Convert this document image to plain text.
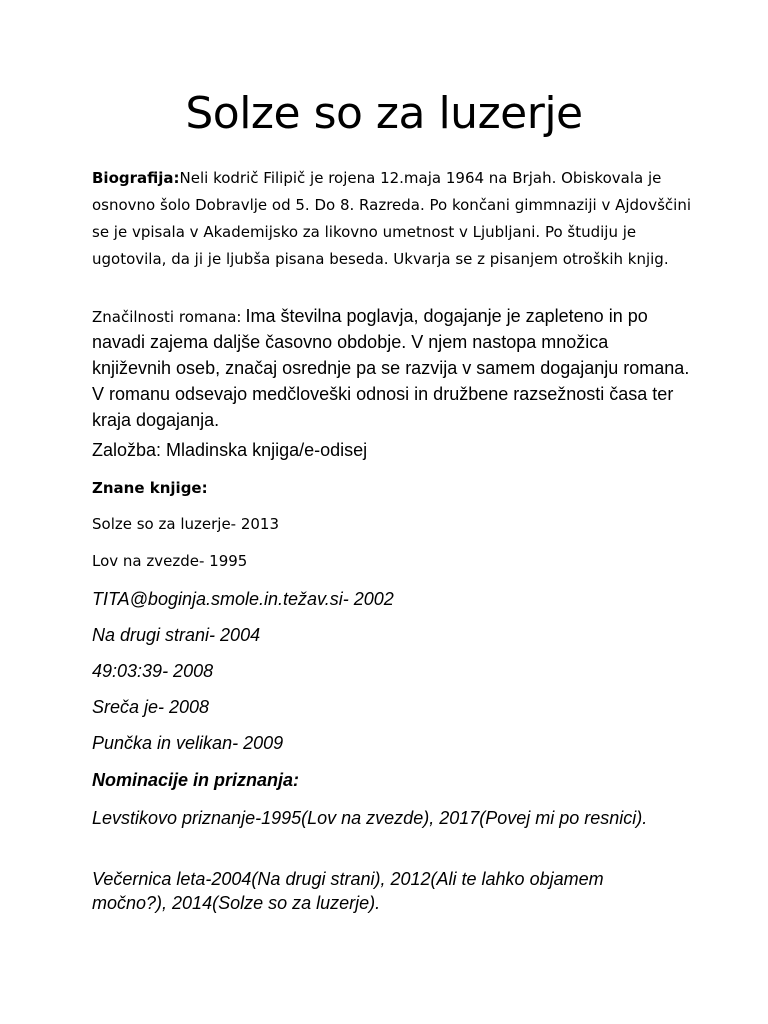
Solze so za luzerje
Biografija:Neli kodrič Filipič je rojena 12.maja 1964 na Brjah. Obiskovala je osnovno šolo Dobravlje od 5. Do 8. Razreda. Po končani gimmnaziji v Ajdovščini se je vpisala v Akademijsko za likovno umetnost v Ljubljani. Po študiju je ugotovila, da ji je ljubša pisana beseda. Ukvarja se z pisanjem otroških knjig.
Značilnosti romana: Ima številna poglavja, dogajanje je zapleteno in po navadi zajema daljše časovno obdobje. V njem nastopa množica književnih oseb, značaj osrednje pa se razvija v samem dogajanju romana. V romanu odsevajo medčloveški odnosi in družbene razsežnosti časa ter kraja dogajanja.
Založba: Mladinska knjiga/e-odisej
Znane knjige:
Solze so za luzerje- 2013
Lov na zvezde- 1995
TITA@boginja.smole.in.težav.si- 2002
Na drugi strani- 2004
49:03:39- 2008
Sreča je- 2008
Punčka in velikan- 2009
Nominacije in priznanja:
Levstikovo priznanje-1995(Lov na zvezde), 2017(Povej mi po resnici).
Večernica leta-2004(Na drugi strani), 2012(Ali te lahko objamem močno?), 2014(Solze so za luzerje).
